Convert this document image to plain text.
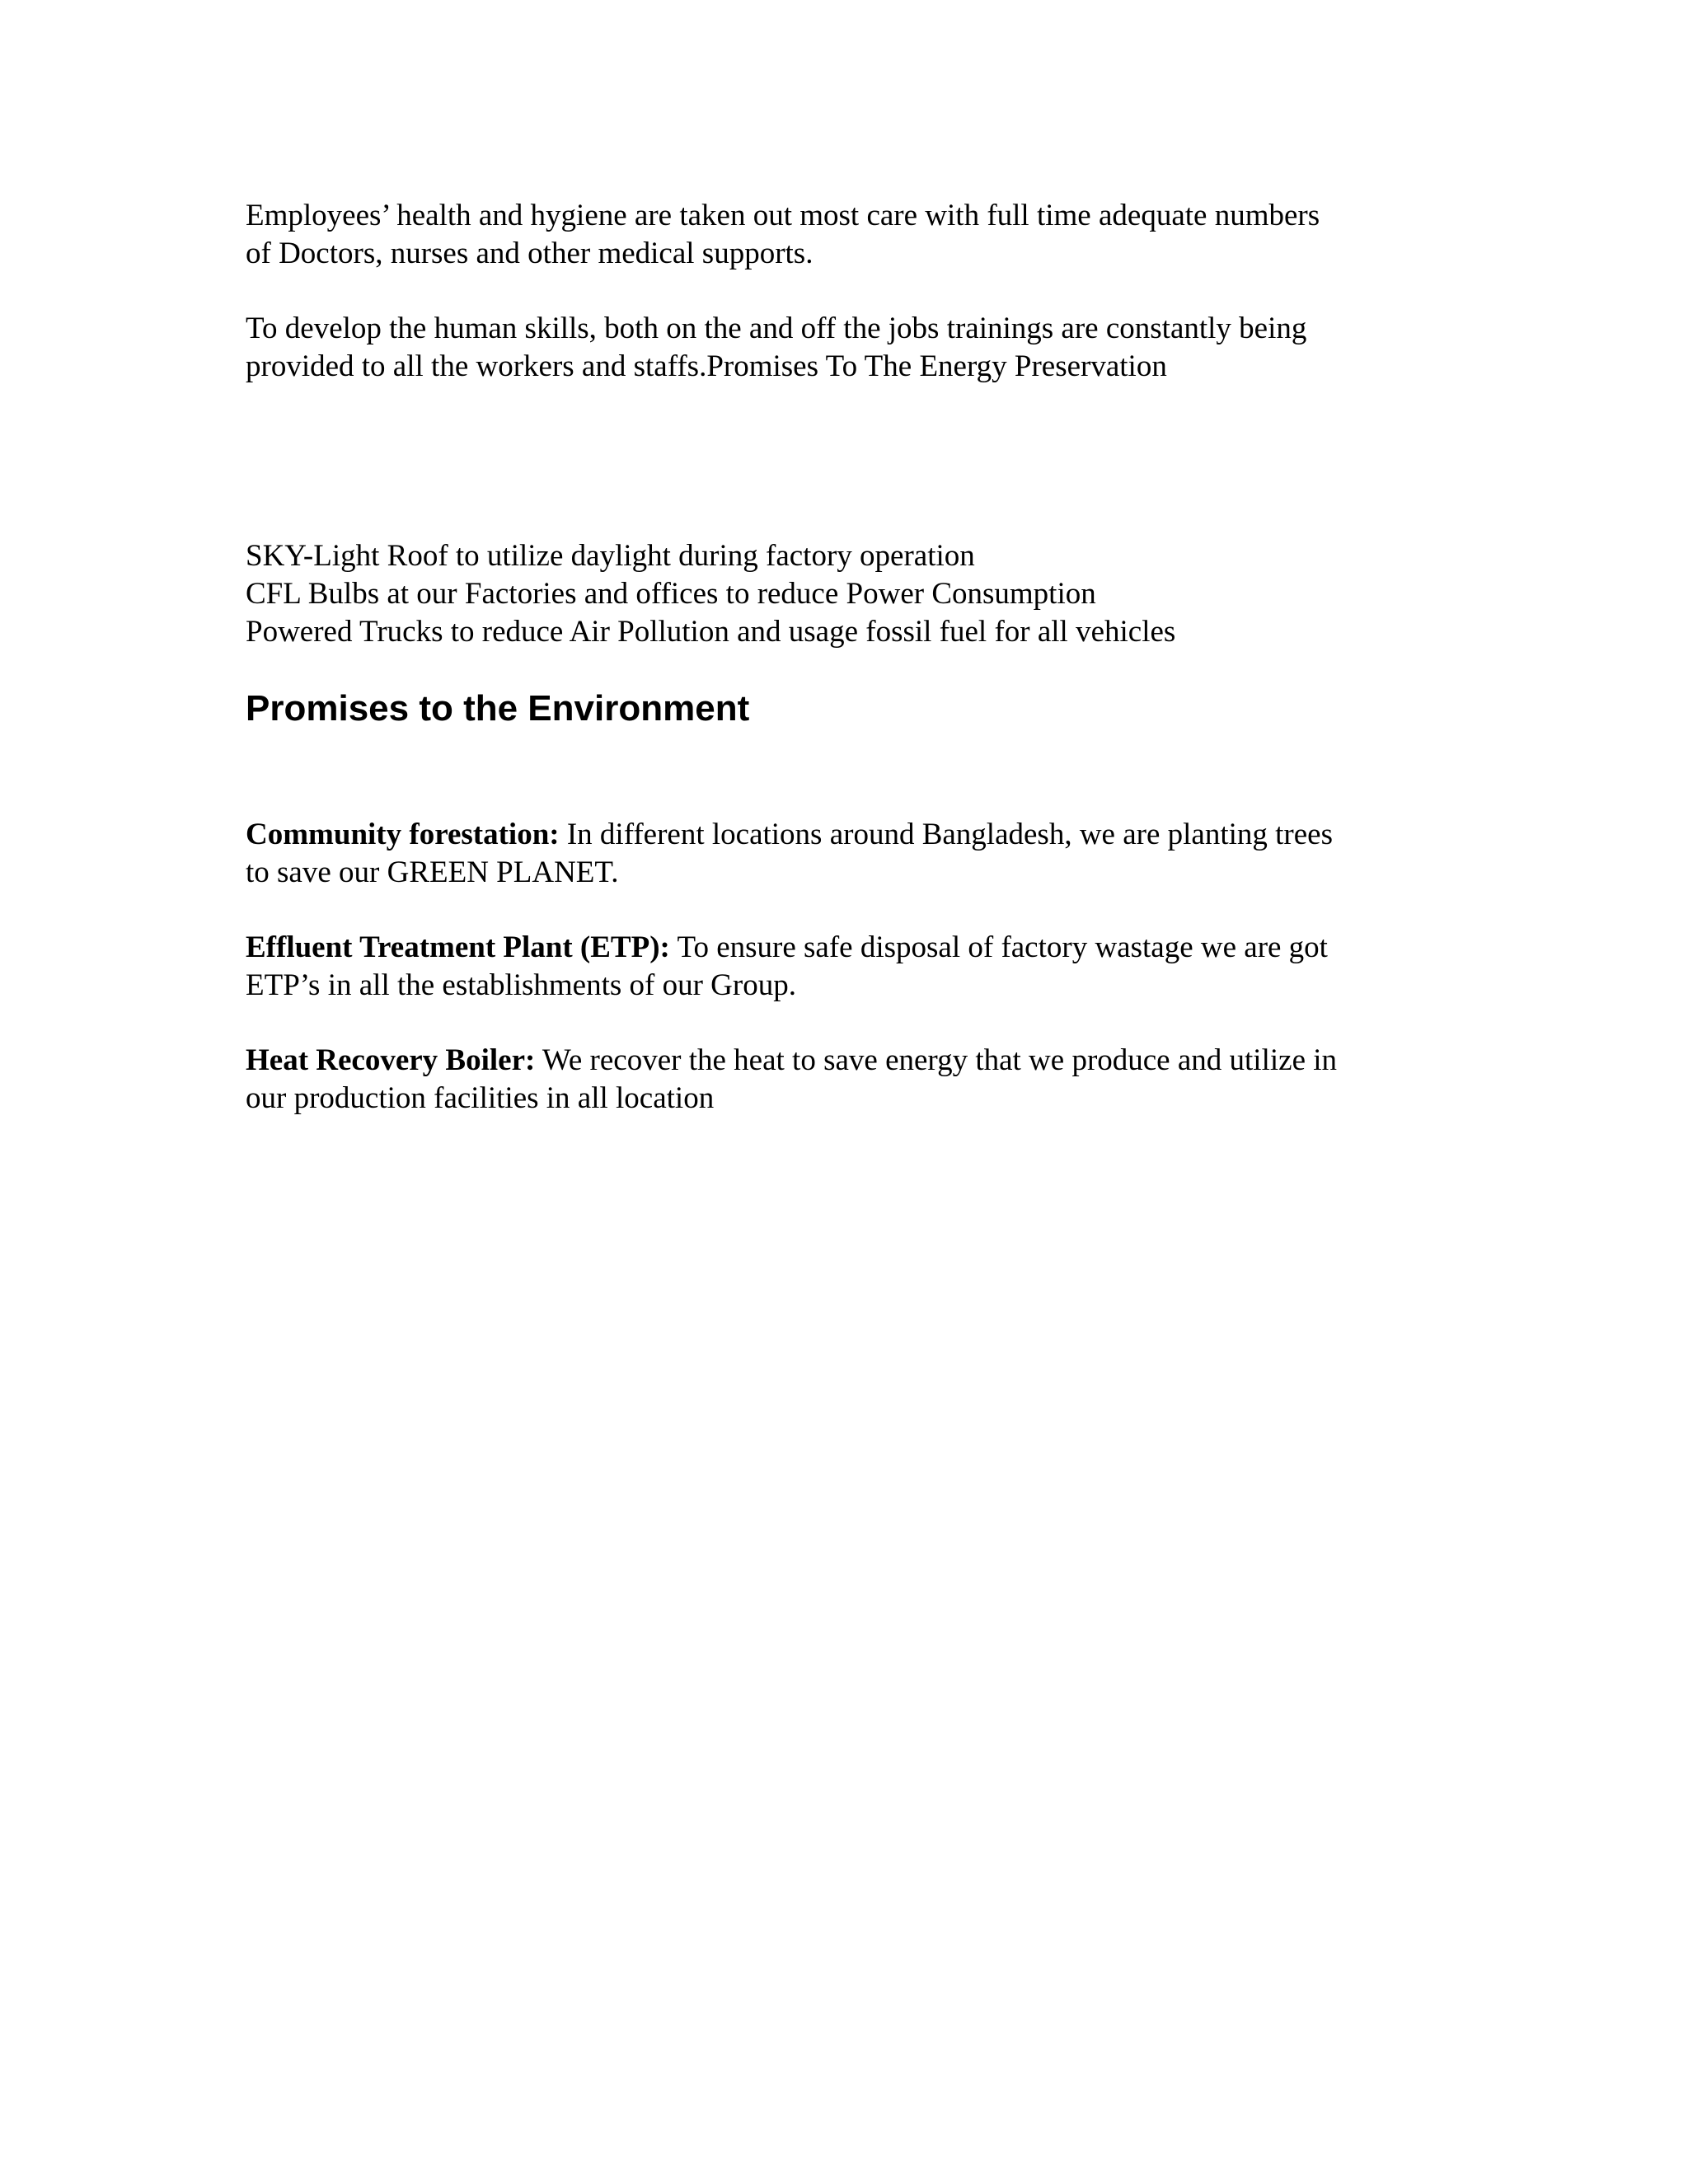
Employees’ health and hygiene are taken out most care with full time adequate numbers

of Doctors, nurses and other medical supports.

To develop the human skills, both on the and off the jobs trainings are constantly being

provided to all the workers and staffs.Promises To The Energy Preservation

SKY-Light Roof to utilize daylight during factory operation

CFL Bulbs at our Factories and offices to reduce Power Consumption

Powered Trucks to reduce Air Pollution and usage fossil fuel for all vehicles

Promises to the Environment

Community forestation: In different locations around Bangladesh, we are planting trees

to save our GREEN PLANET.

Effluent Treatment Plant (ETP): To ensure safe disposal of factory wastage we are got

ETP’s in all the establishments of our Group.

Heat Recovery Boiler: We recover the heat to save energy that we produce and utilize in

our production facilities in all location
